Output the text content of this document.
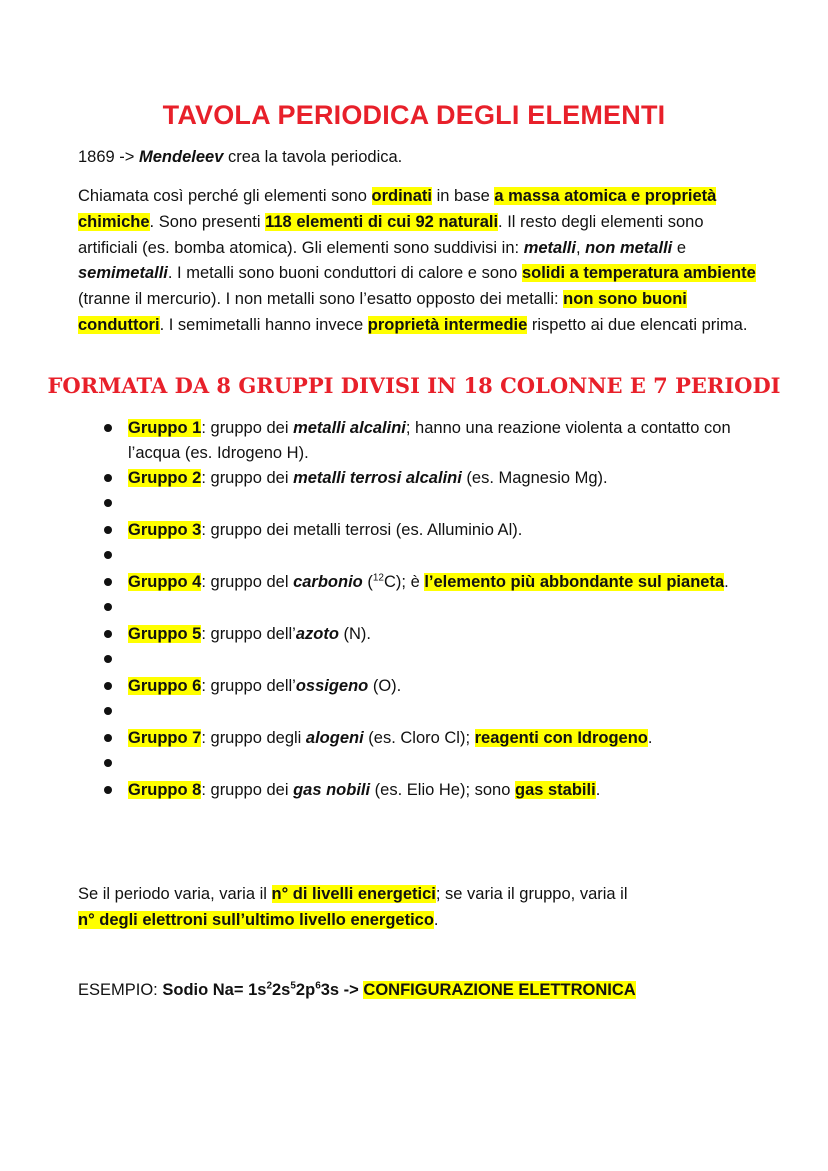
TAVOLA PERIODICA DEGLI ELEMENTI
1869 -> Mendeleev crea la tavola periodica.
Chiamata così perché gli elementi sono ordinati in base a massa atomica e proprietà chimiche. Sono presenti 118 elementi di cui 92 naturali. Il resto degli elementi sono artificiali (es. bomba atomica). Gli elementi sono suddivisi in: metalli, non metalli e semimetalli. I metalli sono buoni conduttori di calore e sono solidi a temperatura ambiente (tranne il mercurio). I non metalli sono l’esatto opposto dei metalli: non sono buoni conduttori. I semimetalli hanno invece proprietà intermedie rispetto ai due elencati prima.
FORMATA DA 8 GRUPPI DIVISI IN 18 COLONNE E 7 PERIODI
Gruppo 1: gruppo dei metalli alcalini; hanno una reazione violenta a contatto con l’acqua (es. Idrogeno H).
Gruppo 2: gruppo dei metalli terrosi alcalini (es. Magnesio Mg).
Gruppo 3: gruppo dei metalli terrosi (es. Alluminio Al).
Gruppo 4: gruppo del carbonio ($^{12}$C); è l’elemento più abbondante sul pianeta.
Gruppo 5: gruppo dell’azoto (N).
Gruppo 6: gruppo dell’ossigeno (O).
Gruppo 7: gruppo degli alogeni (es. Cloro Cl); reagenti con Idrogeno.
Gruppo 8: gruppo dei gas nobili (es. Elio He); sono gas stabili.
Se il periodo varia, varia il n° di livelli energetici; se varia il gruppo, varia il
n° degli elettroni sull’ultimo livello energetico.
ESEMPIO: Sodio $Na= 1s^22s^52p^63s$ -> CONFIGURAZIONE ELETTRONICA
